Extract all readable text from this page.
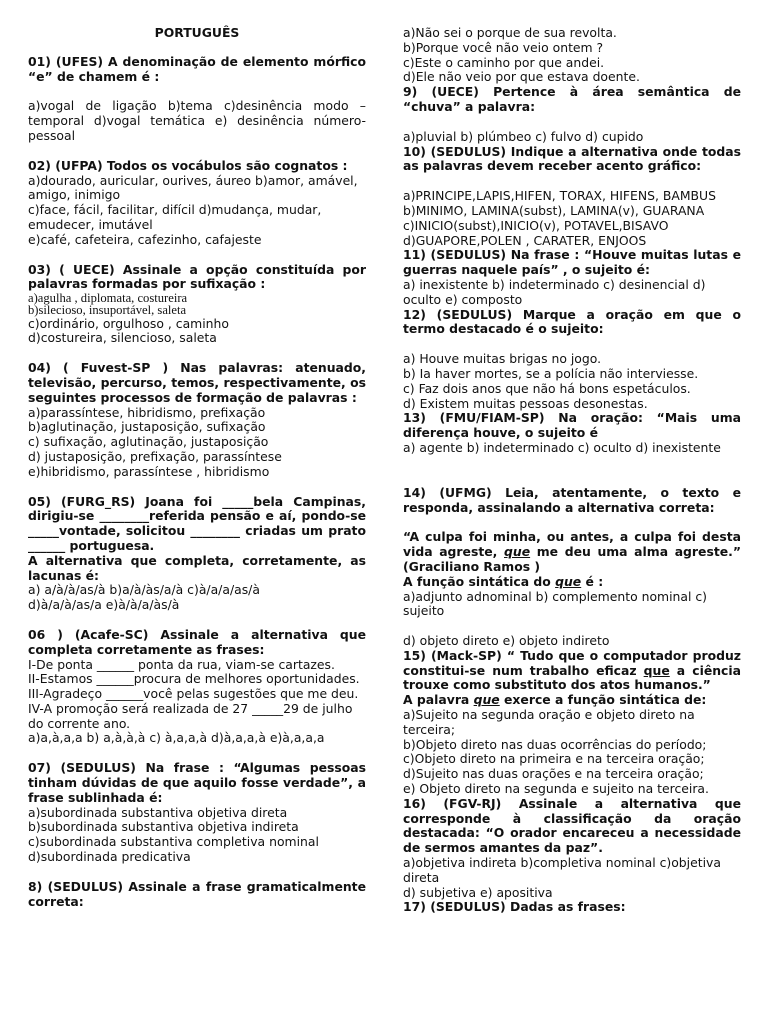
PORTUGUÊS

01) (UFES) A denominação de elemento mórfico “e” de chamem é :

a)vogal de ligação b)tema c)desinência modo – temporal d)vogal temática e) desinência número- pessoal

02) (UFPA) Todos os vocábulos são cognatos :

a)dourado, auricular, ourives, áureo b)amor, amável, amigo, inimigo

c)face, fácil, facilitar, difícil d)mudança, mudar, emudecer, imutável

e)café, cafeteira, cafezinho, cafajeste

03) ( UECE) Assinale a opção constituída por palavras formadas por sufixação :

a)agulha , diplomata, costureira

b)silecioso, insuportável, saleta

c)ordinário, orgulhoso , caminho

d)costureira, silencioso, saleta

04) ( Fuvest-SP ) Nas palavras: atenuado, televisão, percurso, temos, respectivamente, os seguintes processos de formação de palavras :

a)parassíntese, hibridismo, prefixação

b)aglutinação, justaposição, sufixação

c) sufixação, aglutinação, justaposição

d) justaposição, prefixação, parassíntese

e)hibridismo, parassíntese , hibridismo

05) (FURG_RS) Joana foi _____bela Campinas, dirigiu-se ________referida pensão e aí, pondo-se _____vontade, solicitou ________ criadas um prato ______ portuguesa.

A alternativa que completa, corretamente, as lacunas é:

a) a/à/à/as/à b)a/à/às/a/à c)à/a/a/as/à

d)à/a/à/as/a e)à/à/a/às/à

06 ) (Acafe-SC) Assinale a alternativa que completa corretamente as frases:

I-De ponta ______ ponta da rua, viam-se cartazes.

II-Estamos ______procura de melhores oportunidades.

III-Agradeço ______você pelas sugestões que me deu.

IV-A promoção será realizada de 27 _____29 de julho do corrente ano.

a)a,à,a,a b) a,à,à,à c) à,a,a,à d)à,a,a,à e)à,a,a,a

07) (SEDULUS) Na frase : “Algumas pessoas tinham dúvidas de que aquilo fosse verdade”, a frase sublinhada é:

a)subordinada substantiva objetiva direta

b)subordinada substantiva objetiva indireta

c)subordinada substantiva completiva nominal

d)subordinada predicativa

8) (SEDULUS) Assinale a frase gramaticalmente correta:

a)Não sei o porque de sua revolta.

b)Porque você não veio ontem ?

c)Este o caminho por que andei.

d)Ele não veio por que estava doente.

9) (UECE) Pertence à área semântica de “chuva” a palavra:

a)pluvial b) plúmbeo c) fulvo d) cupido

10) (SEDULUS) Indique a alternativa onde todas as palavras devem receber acento gráfico:

a)PRINCIPE,LAPIS,HIFEN, TORAX, HIFENS, BAMBUS

b)MINIMO, LAMINA(subst), LAMINA(v), GUARANA

c)INICIO(subst),INICIO(v), POTAVEL,BISAVO

d)GUAPORE,POLEN , CARATER, ENJOOS

11) (SEDULUS) Na frase : “Houve muitas lutas e guerras naquele país” , o sujeito é:

a) inexistente b) indeterminado c) desinencial d) oculto e) composto

12) (SEDULUS) Marque a oração em que o termo destacado é o sujeito:

a) Houve muitas brigas no jogo.

b) Ia haver mortes, se a polícia não interviesse.

c) Faz dois anos que não há bons espetáculos.

d) Existem muitas pessoas desonestas.

13) (FMU/FIAM-SP) Na oração: “Mais uma diferença houve, o sujeito é

a) agente b) indeterminado c) oculto d) inexistente

14) (UFMG) Leia, atentamente, o texto e responda, assinalando a alternativa correta:

“A culpa foi minha, ou antes, a culpa foi desta vida agreste, que me deu uma alma agreste.” (Graciliano Ramos )

A função sintática do que é :

a)adjunto adnominal b) complemento nominal c) sujeito

d) objeto direto e) objeto indireto

15) (Mack-SP) “ Tudo que o computador produz constitui-se num trabalho eficaz que a ciência trouxe como substituto dos atos humanos.”

A palavra que exerce a função sintática de:

a)Sujeito na segunda oração e objeto direto na terceira;

b)Objeto direto nas duas ocorrências do período;

c)Objeto direto na primeira e na terceira oração;

d)Sujeito nas duas orações e na terceira oração;

e) Objeto direto na segunda e sujeito na terceira.

16) (FGV-RJ) Assinale a alternativa que corresponde à classificação da oração destacada: “O orador encareceu a necessidade de sermos amantes da paz”.

a)objetiva indireta b)completiva nominal c)objetiva direta

d) subjetiva e) apositiva

17) (SEDULUS) Dadas as frases:
